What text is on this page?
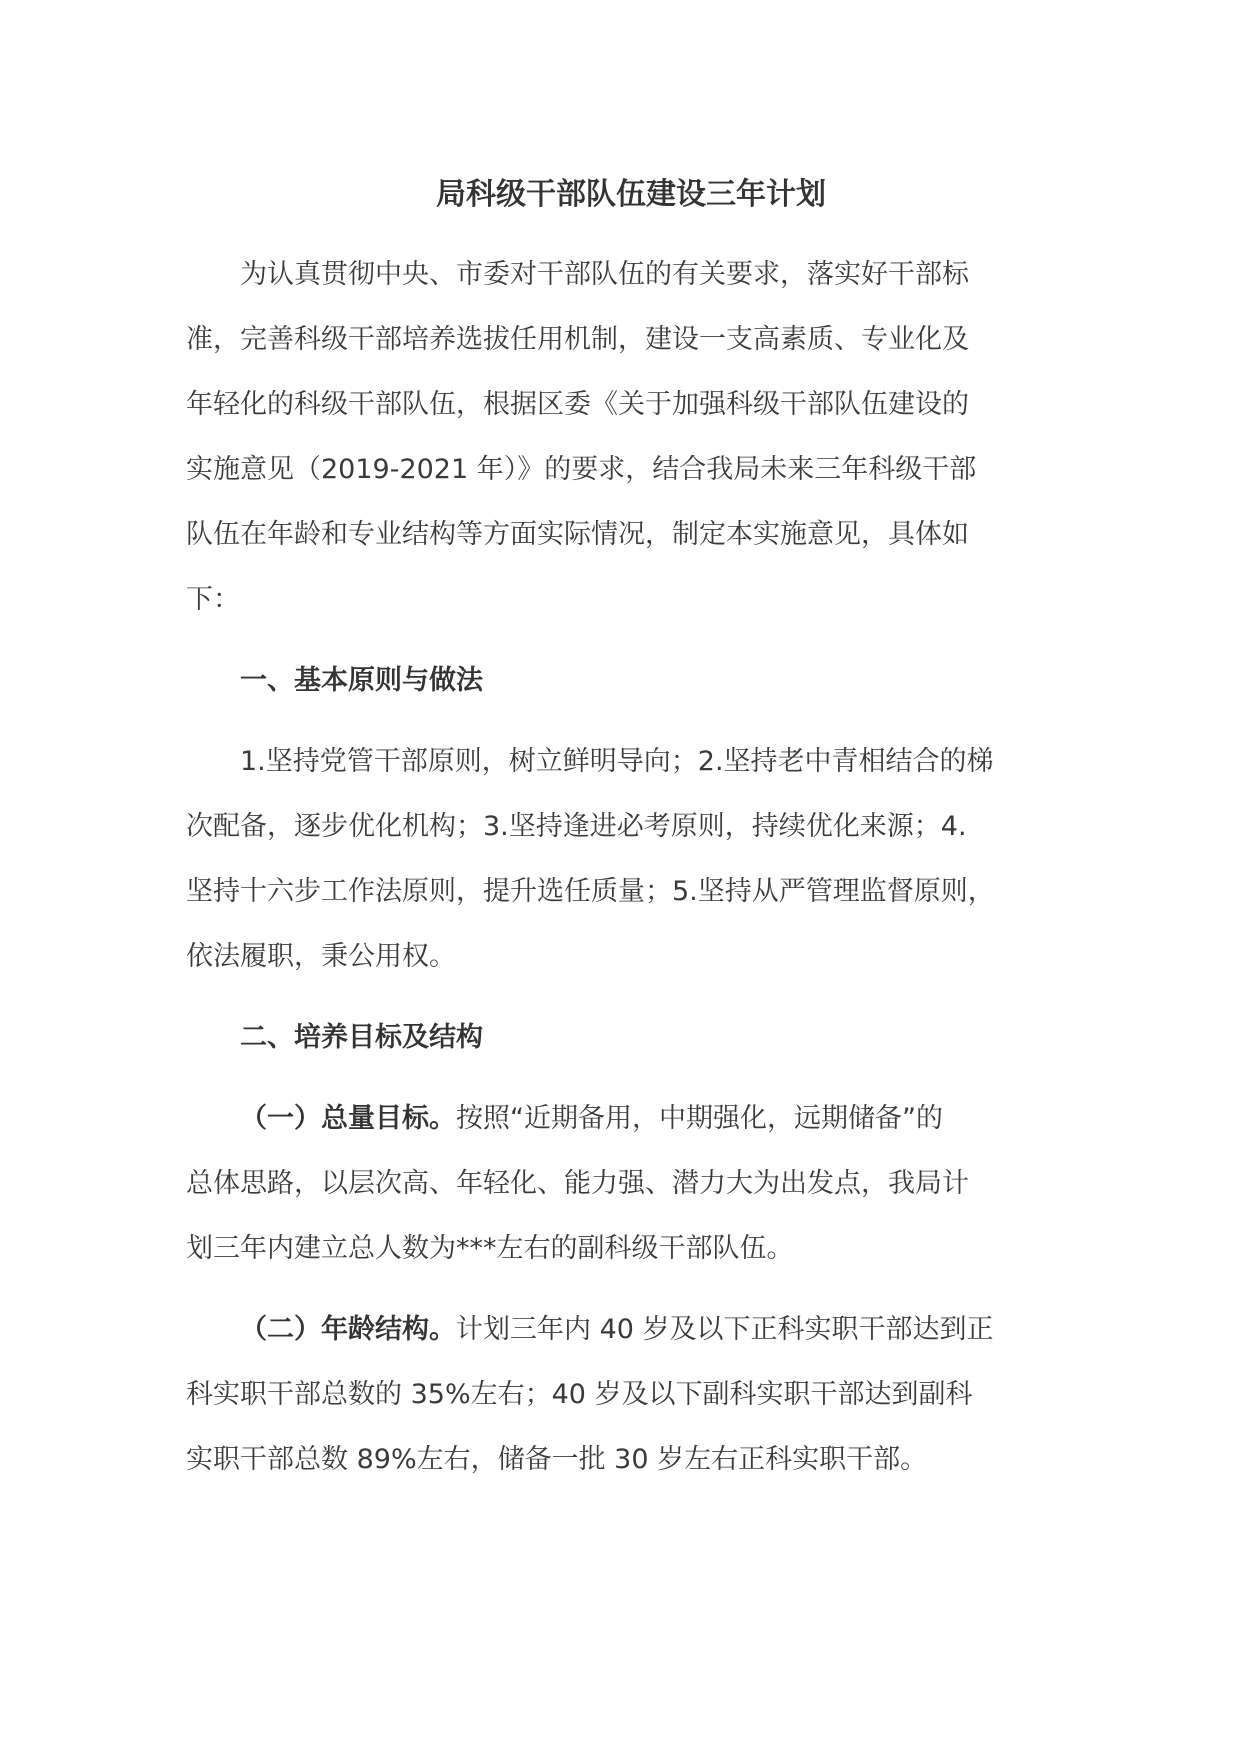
局科级干部队伍建设三年计划

为认真贯彻中央、市委对干部队伍的有关要求，落实好干部标
准，完善科级干部培养选拔任用机制，建设一支高素质、专业化及
年轻化的科级干部队伍，根据区委《关于加强科级干部队伍建设的
实施意见（2019-2021 年）》的要求，结合我局未来三年科级干部
队伍在年龄和专业结构等方面实际情况，制定本实施意见，具体如
下：

一、基本原则与做法

1.坚持党管干部原则，树立鲜明导向；2.坚持老中青相结合的梯
次配备，逐步优化机构；3.坚持逢进必考原则，持续优化来源；4.
坚持十六步工作法原则，提升选任质量；5.坚持从严管理监督原则，
依法履职，秉公用权。

二、培养目标及结构

（一）总量目标。按照“近期备用，中期强化，远期储备”的
总体思路，以层次高、年轻化、能力强、潜力大为出发点，我局计
划三年内建立总人数为***左右的副科级干部队伍。

（二）年龄结构。计划三年内 40 岁及以下正科实职干部达到正
科实职干部总数的 35%左右；40 岁及以下副科实职干部达到副科
实职干部总数 89%左右，储备一批 30 岁左右正科实职干部。
